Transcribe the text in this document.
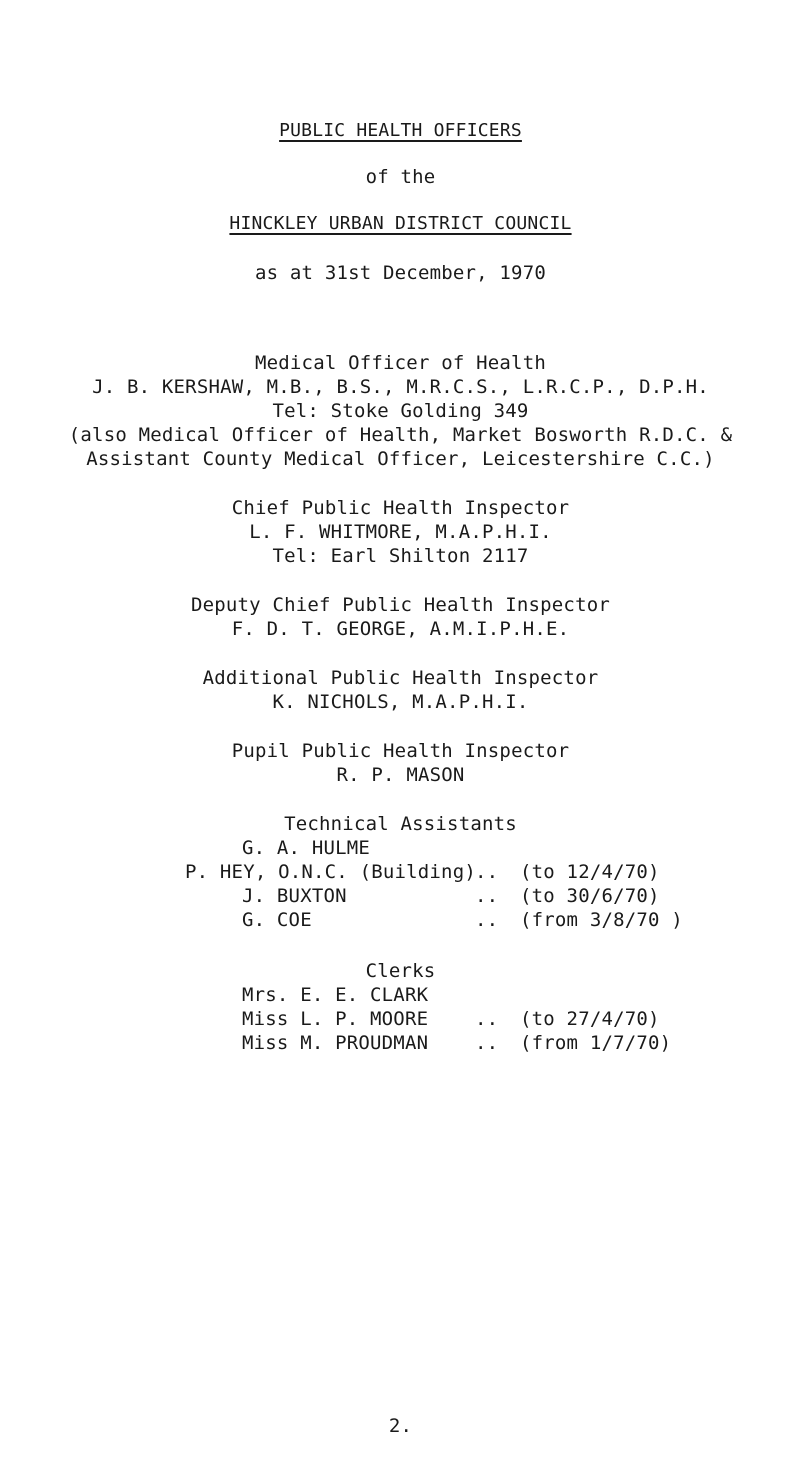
PUBLIC HEALTH OFFICERS
of the
HINCKLEY URBAN DISTRICT COUNCIL
as at 31st December, 1970
Medical Officer of Health
J. B. KERSHAW, M.B., B.S., M.R.C.S., L.R.C.P., D.P.H.
Tel: Stoke Golding 349
(also Medical Officer of Health, Market Bosworth R.D.C. &
Assistant County Medical Officer, Leicestershire C.C.)
Chief Public Health Inspector
L. F. WHITMORE, M.A.P.H.I.
Tel: Earl Shilton 2117
Deputy Chief Public Health Inspector
F. D. T. GEORGE, A.M.I.P.H.E.
Additional Public Health Inspector
K. NICHOLS, M.A.P.H.I.
Pupil Public Health Inspector
R. P. MASON
Technical Assistants
G. A. HULME
P. HEY, O.N.C. (Building) .. (to 12/4/70)
J. BUXTON	.. (to 30/6/70)
G. COE	.. (from 3/8/70 )
Clerks
Mrs. E. E. CLARK
Miss L. P. MOORE .. (to 27/4/70)
Miss M. PROUDMAN .. (from 1/7/70)
2.
